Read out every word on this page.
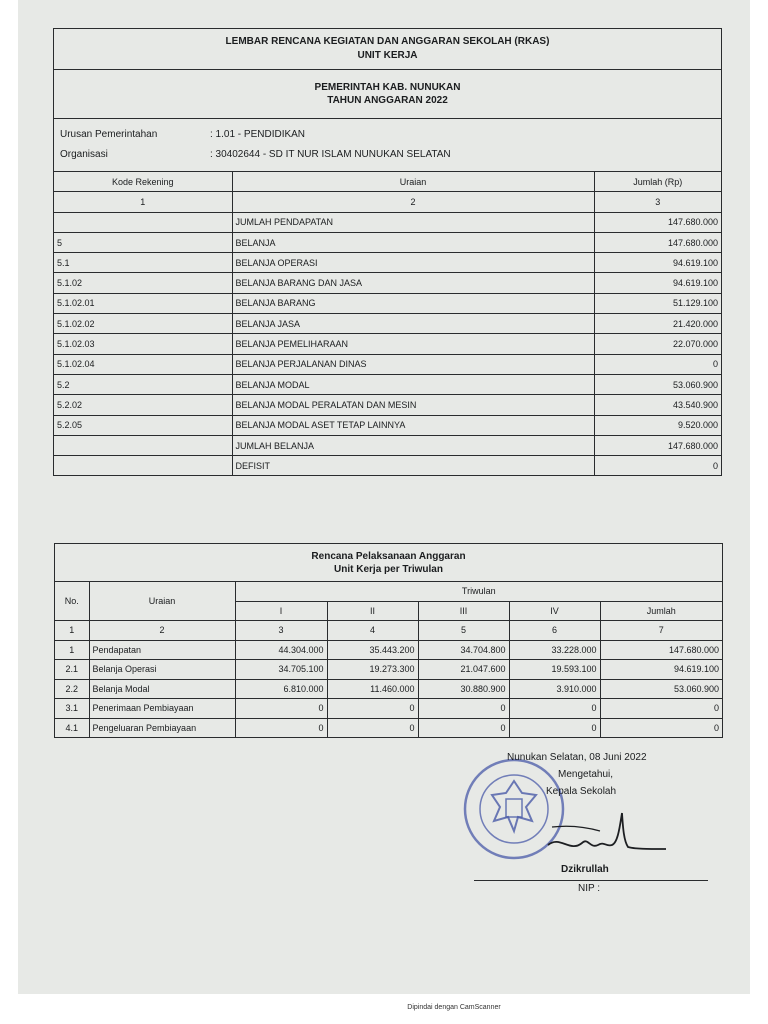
LEMBAR RENCANA KEGIATAN DAN ANGGARAN SEKOLAH (RKAS)
UNIT KERJA
PEMERINTAH KAB. NUNUKAN
TAHUN ANGGARAN 2022
Urusan Pemerintahan	: 1.01 - PENDIDIKAN
Organisasi	: 30402644 - SD IT NUR ISLAM NUNUKAN SELATAN
Kode Rekening	Uraian	Jumlah (Rp)
1	2	3
	JUMLAH PENDAPATAN	147.680.000
5	BELANJA	147.680.000
5.1	BELANJA OPERASI	94.619.100
5.1.02	BELANJA BARANG DAN JASA	94.619.100
5.1.02.01	BELANJA BARANG	51.129.100
5.1.02.02	BELANJA JASA	21.420.000
5.1.02.03	BELANJA PEMELIHARAAN	22.070.000
5.1.02.04	BELANJA PERJALANAN DINAS	0
5.2	BELANJA MODAL	53.060.900
5.2.02	BELANJA MODAL PERALATAN DAN MESIN	43.540.900
5.2.05	BELANJA MODAL ASET TETAP LAINNYA	9.520.000
	JUMLAH BELANJA	147.680.000
	DEFISIT	0
Rencana Pelaksanaan Anggaran
Unit Kerja per Triwulan
No.	Uraian	Triwulan				
		I	II	III	IV	Jumlah
1	2	3	4	5	6	7
1	Pendapatan	44.304.000	35.443.200	34.704.800	33.228.000	147.680.000
2.1	Belanja Operasi	34.705.100	19.273.300	21.047.600	19.593.100	94.619.100
2.2	Belanja Modal	6.810.000	11.460.000	30.880.900	3.910.000	53.060.900
3.1	Penerimaan Pembiayaan	0	0	0	0	0
4.1	Pengeluaran Pembiayaan	0	0	0	0	0
Nunukan Selatan, 08 Juni 2022
Mengetahui,
Kepala Sekolah
Dzikrullah
NIP :
Dipindai dengan CamScanner
